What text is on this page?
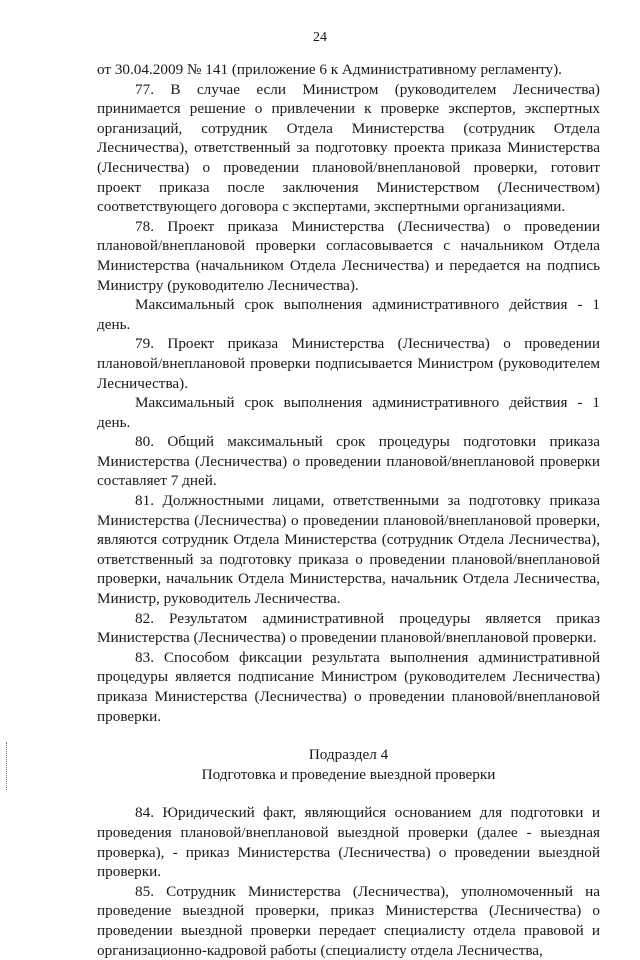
24

от 30.04.2009 № 141 (приложение 6 к Административному регламенту).

77. В случае если Министром (руководителем Лесничества) принимается решение о привлечении к проверке экспертов, экспертных организаций, сотрудник Отдела Министерства (сотрудник Отдела Лесничества), ответственный за подготовку проекта приказа Министерства (Лесничества) о проведении плановой/внеплановой проверки, готовит проект приказа после заключения Министерством (Лесничеством) соответствующего договора с экспертами, экспертными организациями.

78. Проект приказа Министерства (Лесничества) о проведении плановой/внеплановой проверки согласовывается с начальником Отдела Министерства (начальником Отдела Лесничества) и передается на подпись Министру (руководителю Лесничества).

Максимальный срок выполнения административного действия - 1 день.

79. Проект приказа Министерства (Лесничества) о проведении плановой/внеплановой проверки подписывается Министром (руководителем Лесничества).

Максимальный срок выполнения административного действия - 1 день.

80. Общий максимальный срок процедуры подготовки приказа Министерства (Лесничества) о проведении плановой/внеплановой проверки составляет 7 дней.

81. Должностными лицами, ответственными за подготовку приказа Министерства (Лесничества) о проведении плановой/внеплановой проверки, являются сотрудник Отдела Министерства (сотрудник Отдела Лесничества), ответственный за подготовку приказа о проведении плановой/внеплановой проверки, начальник Отдела Министерства, начальник Отдела Лесничества, Министр, руководитель Лесничества.

82. Результатом административной процедуры является приказ Министерства (Лесничества) о проведении плановой/внеплановой проверки.

83. Способом фиксации результата выполнения административной процедуры является подписание Министром (руководителем Лесничества) приказа Министерства (Лесничества) о проведении плановой/внеплановой проверки.

Подраздел 4

Подготовка и проведение выездной проверки

84. Юридический факт, являющийся основанием для подготовки и проведения плановой/внеплановой выездной проверки (далее - выездная проверка), - приказ Министерства (Лесничества) о проведении выездной проверки.

85. Сотрудник Министерства (Лесничества), уполномоченный на проведение выездной проверки, приказ Министерства (Лесничества) о проведении выездной проверки передает специалисту отдела правовой и организационно-кадровой работы (специалисту отдела Лесничества,
